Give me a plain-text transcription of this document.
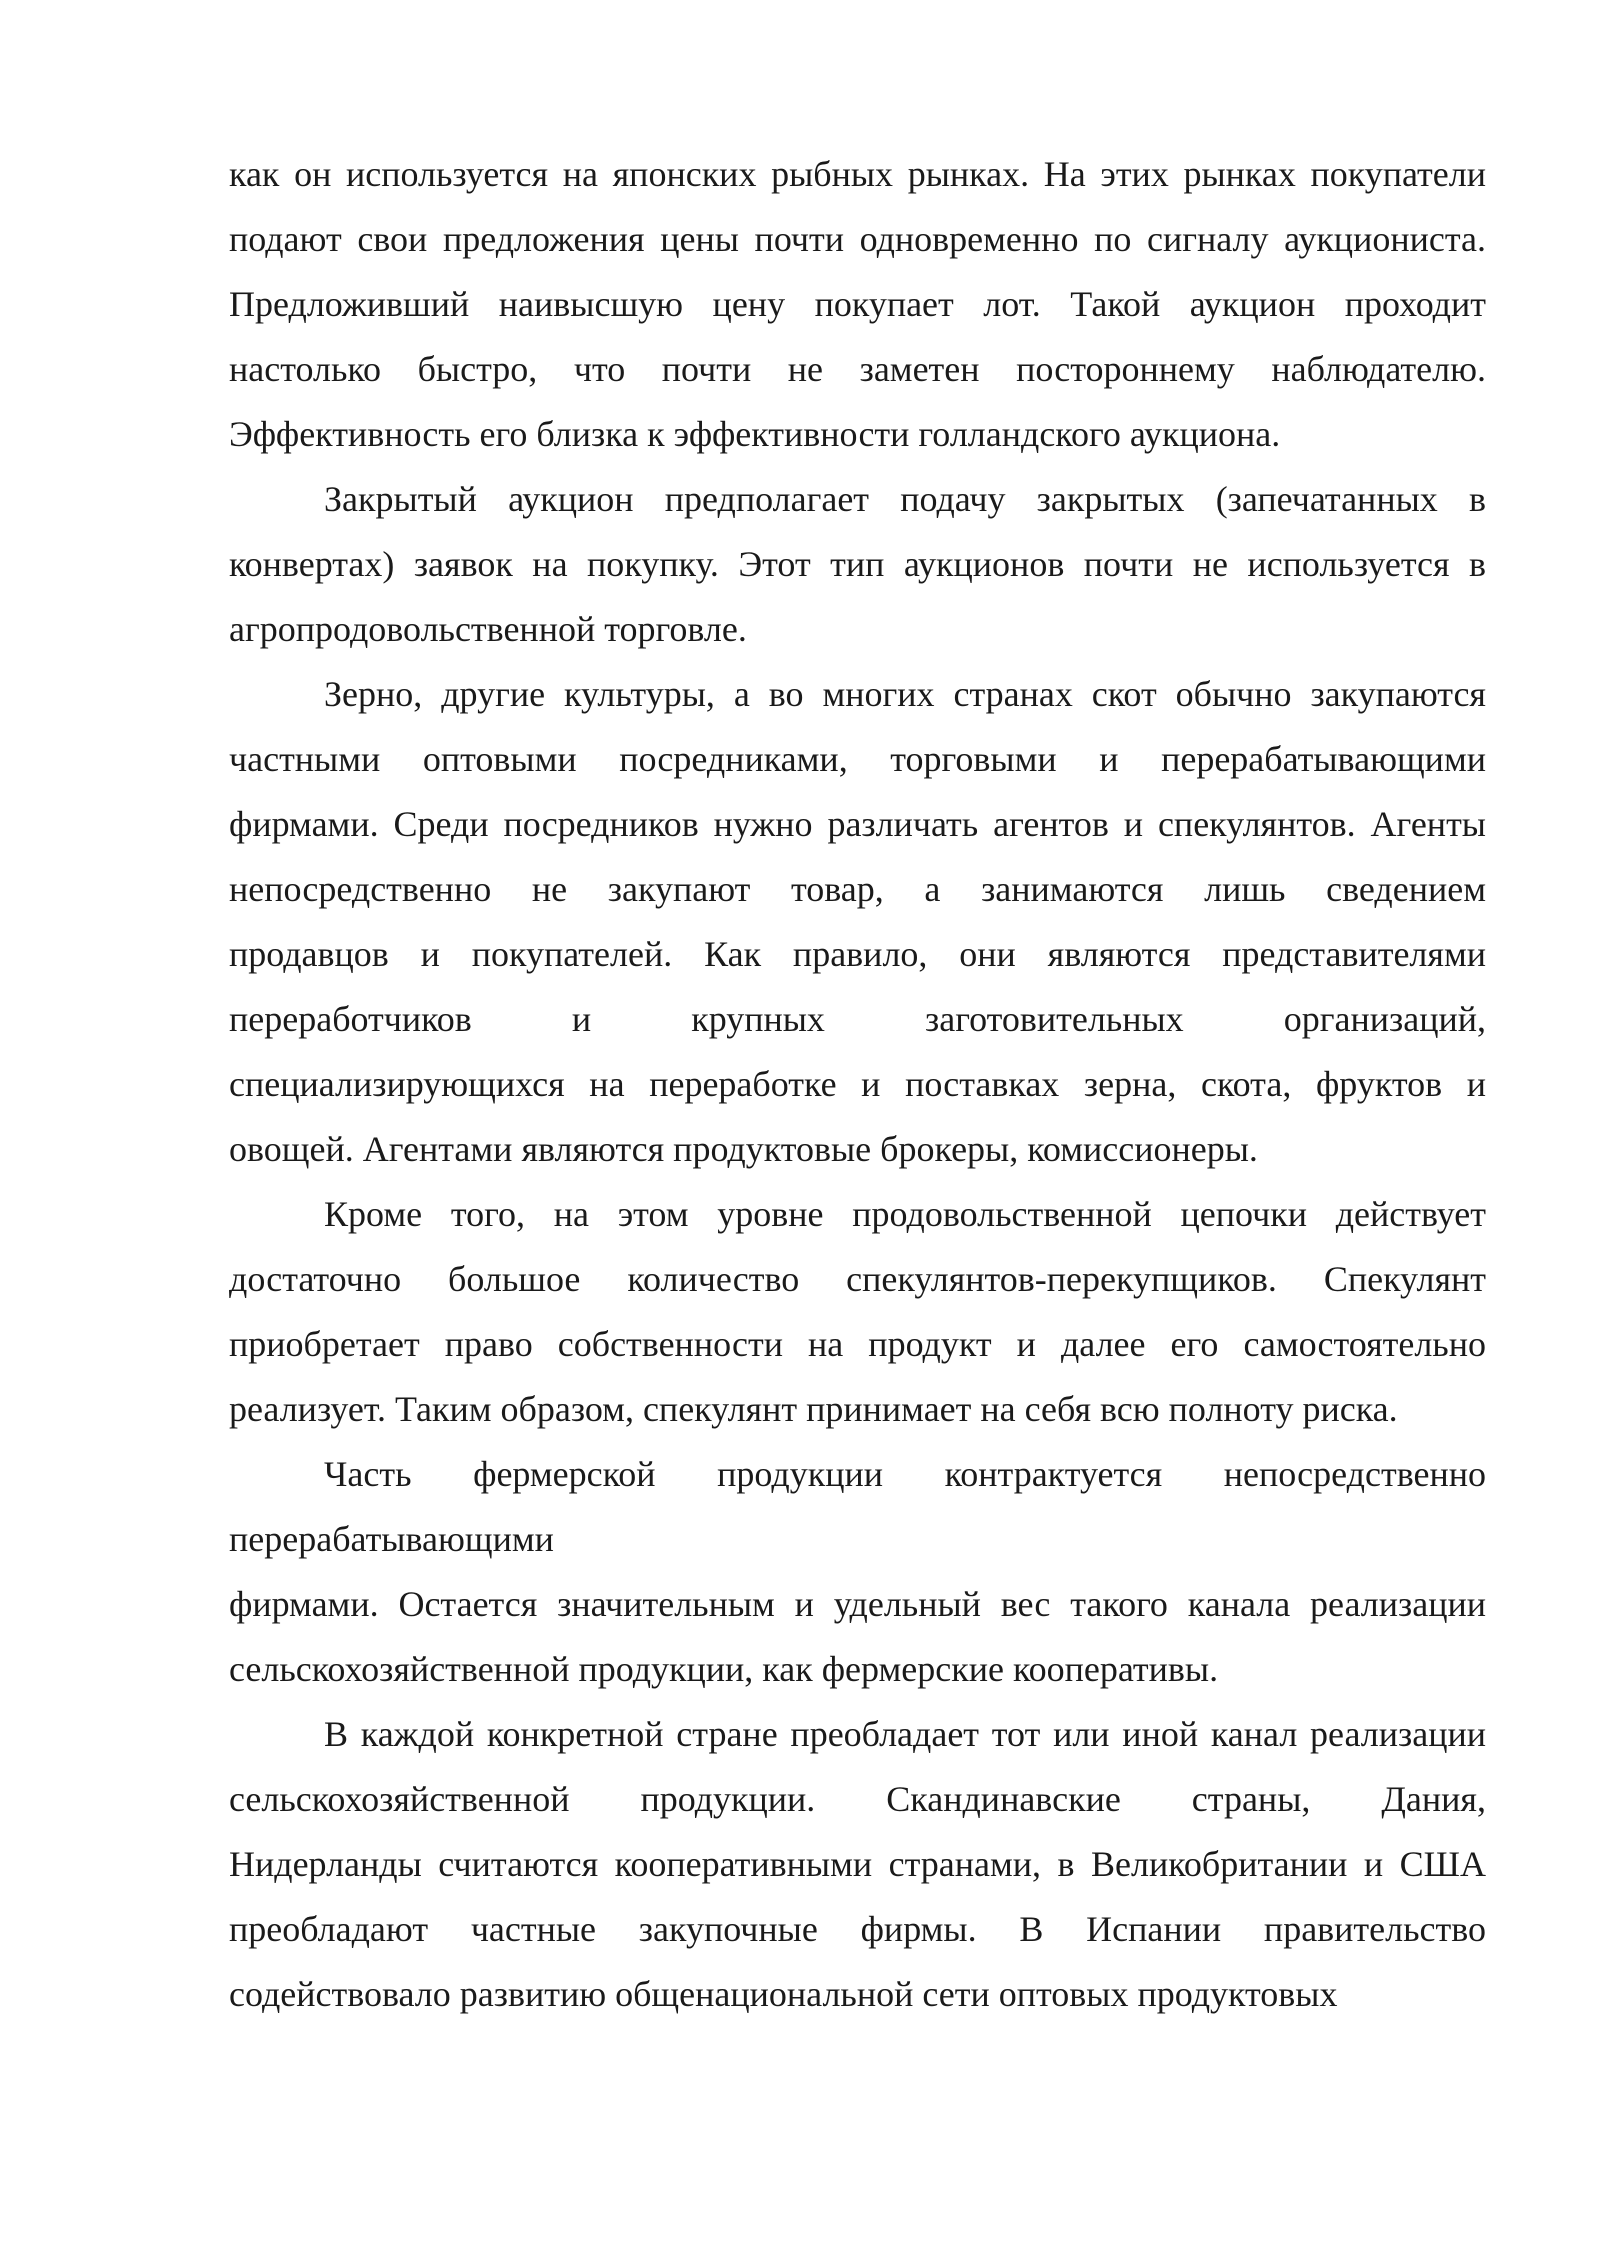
как он используется на японских рыбных рынках. На этих рынках покупатели
подают свои предложения цены почти одновременно по сигналу аукциониста.
Предложивший наивысшую цену покупает лот. Такой аукцион проходит
настолько быстро, что почти не заметен постороннему наблюдателю.
Эффективность его близка к эффективности голландского аукциона.
Закрытый аукцион предполагает подачу закрытых (запечатанных в
конвертах) заявок на покупку. Этот тип аукционов почти не используется в
агропродовольственной торговле.
Зерно, другие культуры, а во многих странах скот обычно закупаются
частными оптовыми посредниками, торговыми и перерабатывающими
фирмами. Среди посредников нужно различать агентов и спекулянтов. Агенты
непосредственно не закупают товар, а занимаются лишь сведением
продавцов и покупателей. Как правило, они являются представителями
переработчиков и крупных заготовительных организаций,
специализирующихся на переработке и поставках зерна, скота, фруктов и
овощей. Агентами являются продуктовые брокеры, комиссионеры.
Кроме того, на этом уровне продовольственной цепочки действует
достаточно большое количество спекулянтов-перекупщиков. Спекулянт
приобретает право собственности на продукт и далее его самостоятельно
реализует. Таким образом, спекулянт принимает на себя всю полноту риска.
Часть фермерской продукции контрактуется непосредственно
перерабатывающими
фирмами. Остается значительным и удельный вес такого канала реализации
сельскохозяйственной продукции, как фермерские кооперативы.
В каждой конкретной стране преобладает тот или иной канал реализации
сельскохозяйственной продукции. Скандинавские страны, Дания,
Нидерланды считаются кооперативными странами, в Великобритании и США
преобладают частные закупочные фирмы. В Испании правительство
содействовало развитию общенациональной сети оптовых продуктовых
